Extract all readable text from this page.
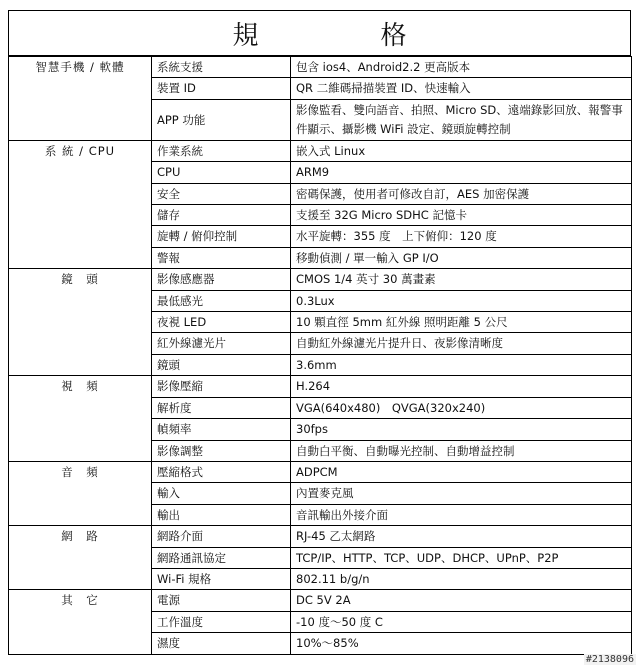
規　格
智慧手機 / 軟體	系統支援	包含 ios4、Android2.2 更高版本
	裝置 ID	QR 二維碼掃描裝置 ID、快速輸入
	APP 功能	影像監看、雙向語音、拍照、Micro SD、遠端錄影回放、報警事件顯示、攝影機 WiFi 設定、鏡頭旋轉控制
系 統 / CPU	作業系統	嵌入式 Linux
	CPU	ARM9
	安全	密碼保護，使用者可修改自訂，AES 加密保護
	儲存	支援至 32G Micro SDHC 記憶卡
	旋轉 / 俯仰控制	水平旋轉：355 度　上下俯仰：120 度
	警報	移動偵測 / 單一輸入 GP I/O
鏡　頭	影像感應器	CMOS 1/4 英寸 30 萬畫素
	最低感光	0.3Lux
	夜視 LED	10 顆直徑 5mm 紅外線 照明距離 5 公尺
	紅外線濾光片	自動紅外線濾光片提升日、夜影像清晰度
	鏡頭	3.6mm
視　頻	影像壓縮	H.264
	解析度	VGA(640x480)　QVGA(320x240)
	幀頻率	30fps
	影像調整	自動白平衡、自動曝光控制、自動增益控制
音　頻	壓縮格式	ADPCM
	輸入	內置麥克風
	輸出	音訊輸出外接介面
網　路	網路介面	RJ-45 乙太網路
	網路通訊協定	TCP/IP、HTTP、TCP、UDP、DHCP、UPnP、P2P
	Wi-Fi 規格	802.11 b/g/n
其　它	電源	DC 5V 2A
	工作溫度	-10 度～50 度 C
	濕度	10%～85%
#2138096
